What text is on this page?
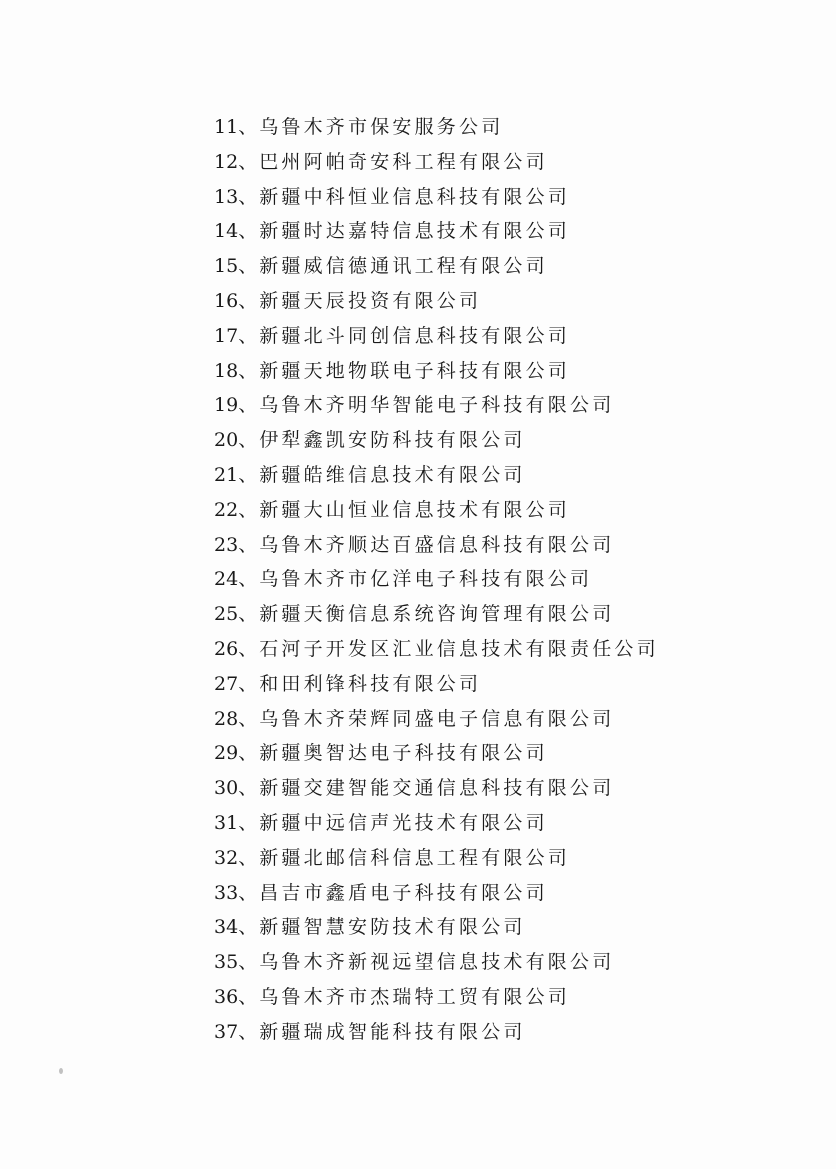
11、 乌鲁木齐市保安服务公司
12、 巴州阿帕奇安科工程有限公司
13、 新疆中科恒业信息科技有限公司
14、 新疆时达嘉特信息技术有限公司
15、 新疆威信德通讯工程有限公司
16、 新疆天辰投资有限公司
17、 新疆北斗同创信息科技有限公司
18、 新疆天地物联电子科技有限公司
19、 乌鲁木齐明华智能电子科技有限公司
20、 伊犁鑫凯安防科技有限公司
21、 新疆皓维信息技术有限公司
22、 新疆大山恒业信息技术有限公司
23、 乌鲁木齐顺达百盛信息科技有限公司
24、 乌鲁木齐市亿洋电子科技有限公司
25、 新疆天衡信息系统咨询管理有限公司
26、 石河子开发区汇业信息技术有限责任公司
27、 和田利锋科技有限公司
28、 乌鲁木齐荣辉同盛电子信息有限公司
29、 新疆奥智达电子科技有限公司
30、 新疆交建智能交通信息科技有限公司
31、 新疆中远信声光技术有限公司
32、 新疆北邮信科信息工程有限公司
33、 昌吉市鑫盾电子科技有限公司
34、 新疆智慧安防技术有限公司
35、 乌鲁木齐新视远望信息技术有限公司
36、 乌鲁木齐市杰瑞特工贸有限公司
37、 新疆瑞成智能科技有限公司
